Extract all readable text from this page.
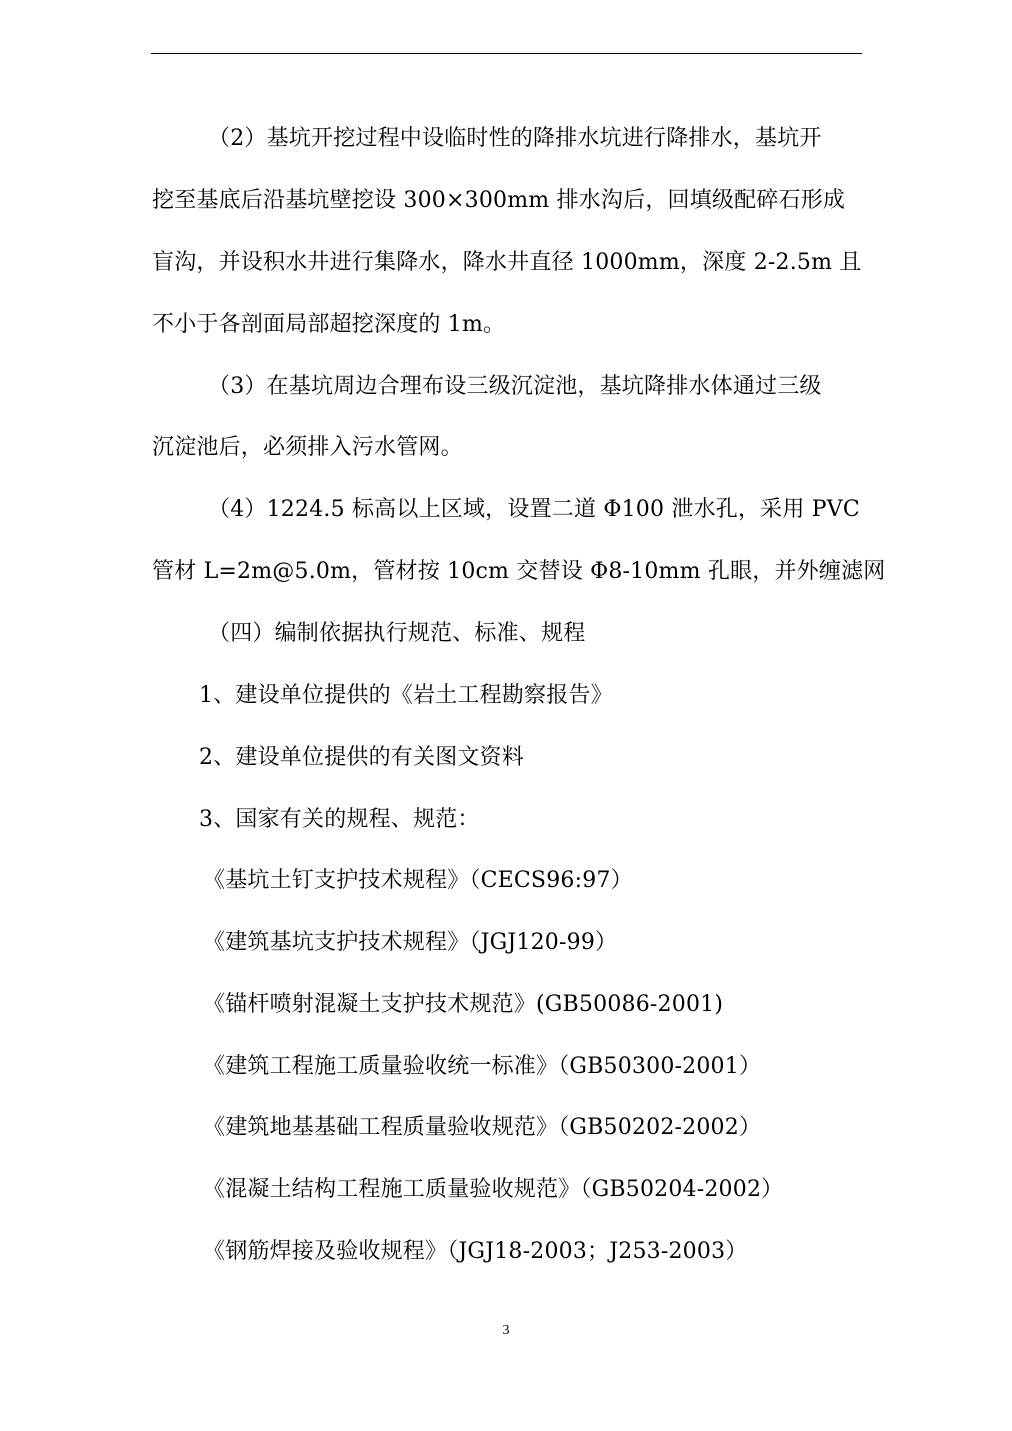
（2）基坑开挖过程中设临时性的降排水坑进行降排水，基坑开
挖至基底后沿基坑壁挖设 300×300mm 排水沟后，回填级配碎石形成
盲沟，并设积水井进行集降水，降水井直径 1000mm，深度 2-2.5m 且
不小于各剖面局部超挖深度的 1m。
（3）在基坑周边合理布设三级沉淀池，基坑降排水体通过三级
沉淀池后，必须排入污水管网。
（4）1224.5 标高以上区域，设置二道 Φ100 泄水孔，采用 PVC
管材 L=2m@5.0m，管材按 10cm 交替设 Φ8-10mm 孔眼，并外缠滤网
（四）编制依据执行规范、标准、规程
1、建设单位提供的《岩土工程勘察报告》
2、建设单位提供的有关图文资料
3、国家有关的规程、规范：
《基坑土钉支护技术规程》（CECS96:97）
《建筑基坑支护技术规程》（JGJ120-99）
《锚杆喷射混凝土支护技术规范》(GB50086-2001)
《建筑工程施工质量验收统一标准》（GB50300-2001）
《建筑地基基础工程质量验收规范》（GB50202-2002）
《混凝土结构工程施工质量验收规范》（GB50204-2002）
《钢筋焊接及验收规程》（JGJ18-2003；J253-2003）
3
